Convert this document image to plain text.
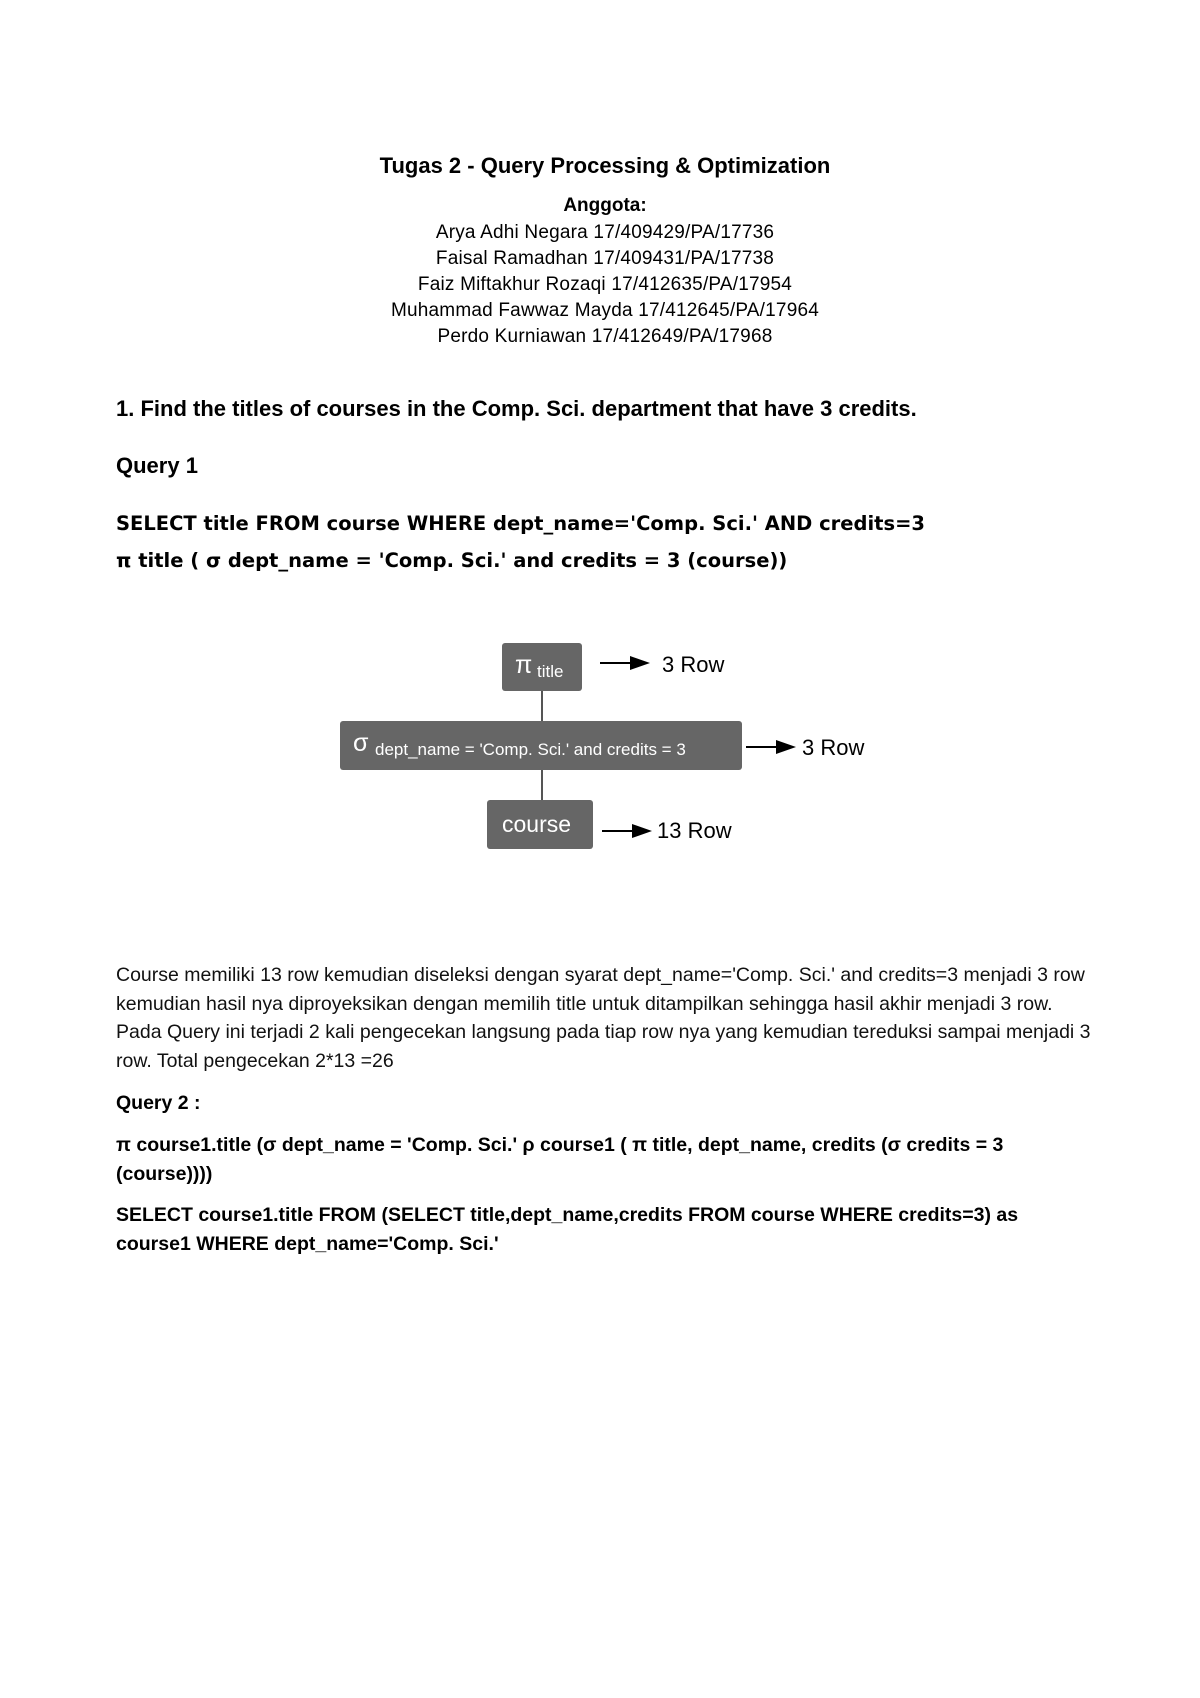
Tugas 2 - Query Processing & Optimization
Anggota:
Arya Adhi Negara 17/409429/PA/17736
Faisal Ramadhan 17/409431/PA/17738
Faiz Miftakhur Rozaqi 17/412635/PA/17954
Muhammad Fawwaz Mayda 17/412645/PA/17964
Perdo Kurniawan 17/412649/PA/17968
1. Find the titles of courses in the Comp. Sci. department that have 3 credits.
Query 1
SELECT title FROM course WHERE dept_name='Comp. Sci.' AND credits=3
π title ( σ dept_name = 'Comp. Sci.' and credits = 3 (course))
π title	3 Row
σ dept_name = 'Comp. Sci.' and credits = 3	3 Row
course	13 Row
Course memiliki 13 row kemudian diseleksi dengan syarat dept_name='Comp. Sci.' and credits=3 menjadi 3 row kemudian hasil nya diproyeksikan dengan memilih title untuk ditampilkan sehingga hasil akhir menjadi 3 row. Pada Query ini terjadi 2 kali pengecekan langsung pada tiap row nya yang kemudian tereduksi sampai menjadi 3 row. Total pengecekan 2*13 =26
Query 2 :
π course1.title (σ dept_name = 'Comp. Sci.' ρ course1 ( π title, dept_name, credits (σ credits = 3 (course))))
SELECT course1.title FROM (SELECT title,dept_name,credits FROM course WHERE credits=3) as course1 WHERE dept_name='Comp. Sci.'
